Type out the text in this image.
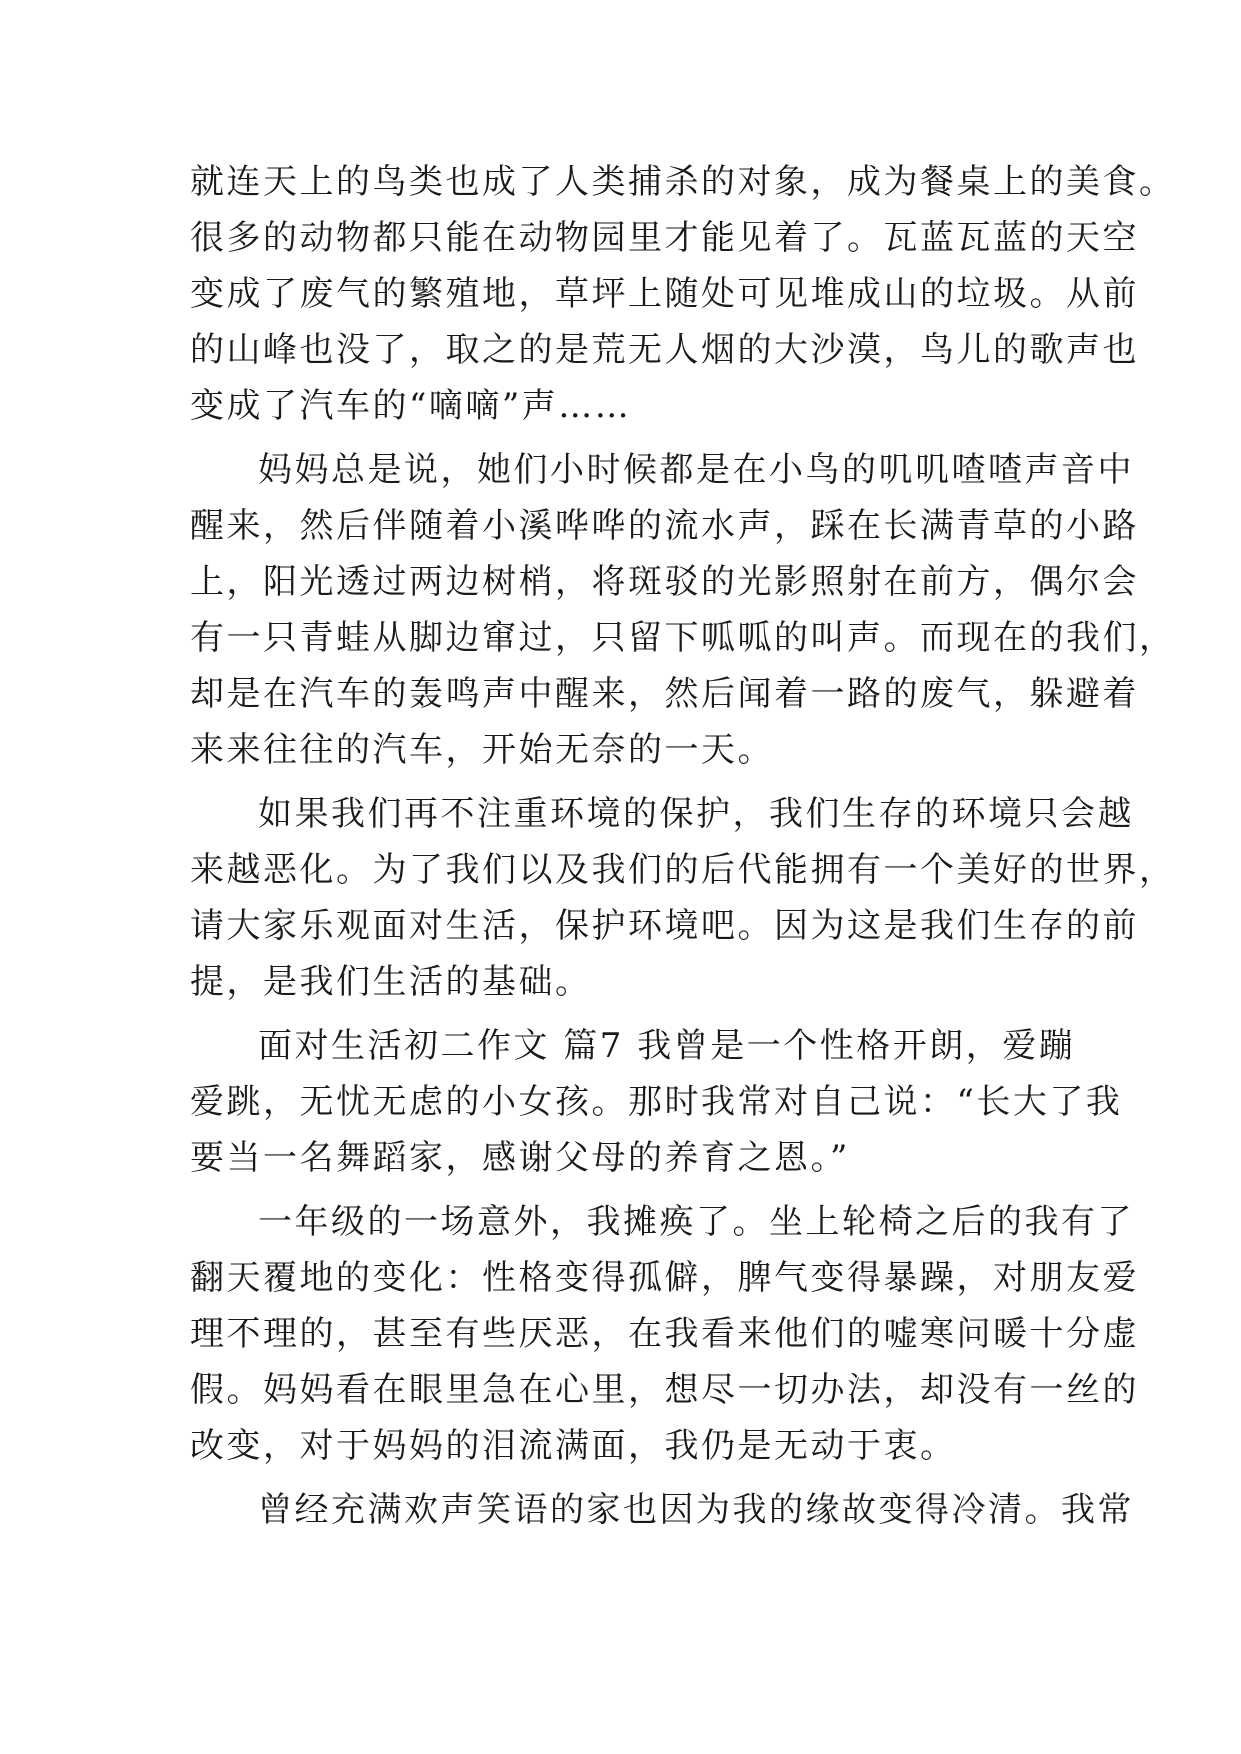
就连天上的鸟类也成了人类捕杀的对象，成为餐桌上的美食。
很多的动物都只能在动物园里才能见着了。瓦蓝瓦蓝的天空
变成了废气的繁殖地，草坪上随处可见堆成山的垃圾。从前
的山峰也没了，取之的是荒无人烟的大沙漠，鸟儿的歌声也
变成了汽车的“嘀嘀”声……
妈妈总是说，她们小时候都是在小鸟的叽叽喳喳声音中
醒来，然后伴随着小溪哗哗的流水声，踩在长满青草的小路
上，阳光透过两边树梢，将斑驳的光影照射在前方，偶尔会
有一只青蛙从脚边窜过，只留下呱呱的叫声。而现在的我们，
却是在汽车的轰鸣声中醒来，然后闻着一路的废气，躲避着
来来往往的汽车，开始无奈的一天。
如果我们再不注重环境的保护，我们生存的环境只会越
来越恶化。为了我们以及我们的后代能拥有一个美好的世界，
请大家乐观面对生活，保护环境吧。因为这是我们生存的前
提，是我们生活的基础。
面对生活初二作文 篇7 我曾是一个性格开朗，爱蹦
爱跳，无忧无虑的小女孩。那时我常对自己说：“长大了我
要当一名舞蹈家，感谢父母的养育之恩。”
一年级的一场意外，我摊痪了。坐上轮椅之后的我有了
翻天覆地的变化：性格变得孤僻，脾气变得暴躁，对朋友爱
理不理的，甚至有些厌恶，在我看来他们的嘘寒问暖十分虚
假。妈妈看在眼里急在心里，想尽一切办法，却没有一丝的
改变，对于妈妈的泪流满面，我仍是无动于衷。
曾经充满欢声笑语的家也因为我的缘故变得冷清。我常
